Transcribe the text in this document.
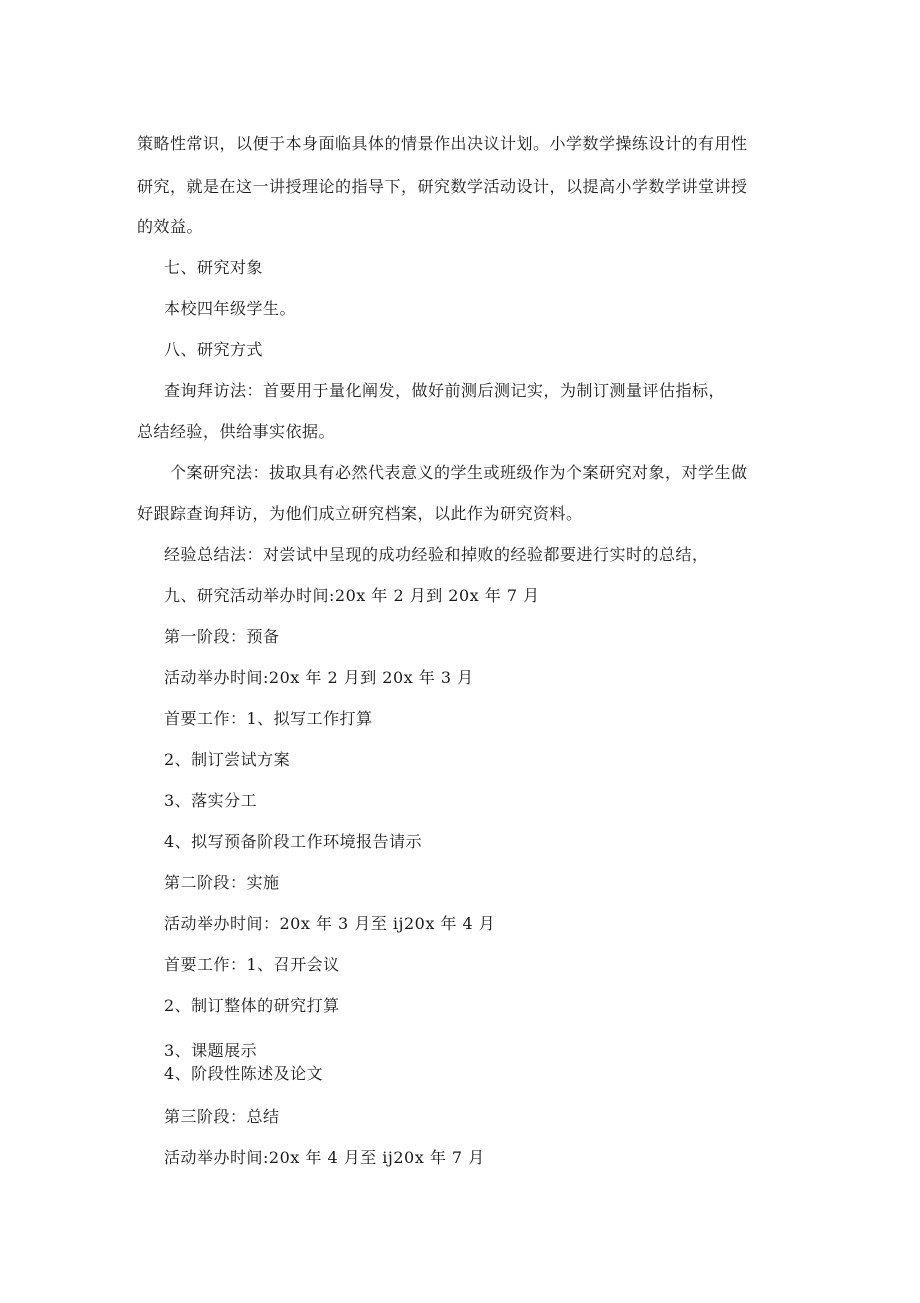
策略性常识，以便于本身面临具体的情景作出决议计划。小学数学操练设计的有用性
研究，就是在这一讲授理论的指导下，研究数学活动设计，以提高小学数学讲堂讲授
的效益。
七、研究对象
本校四年级学生。
八、研究方式
查询拜访法：首要用于量化阐发，做好前测后测记实，为制订测量评估指标，
总结经验，供给事实依据。
个案研究法：拔取具有必然代表意义的学生或班级作为个案研究对象，对学生做
好跟踪查询拜访，为他们成立研究档案，以此作为研究资料。
经验总结法：对尝试中呈现的成功经验和掉败的经验都要进行实时的总结，
九、研究活动举办时间:20x 年 2 月到 20x 年 7 月
第一阶段：预备
活动举办时间:20x 年 2 月到 20x 年 3 月
首要工作：1、拟写工作打算
2、制订尝试方案
3、落实分工
4、拟写预备阶段工作环境报告请示
第二阶段：实施
活动举办时间：20x 年 3 月至 ij20x 年 4 月
首要工作：1、召开会议
2、制订整体的研究打算
3、课题展示
4、阶段性陈述及论文
第三阶段：总结
活动举办时间:20x 年 4 月至 ij20x 年 7 月
